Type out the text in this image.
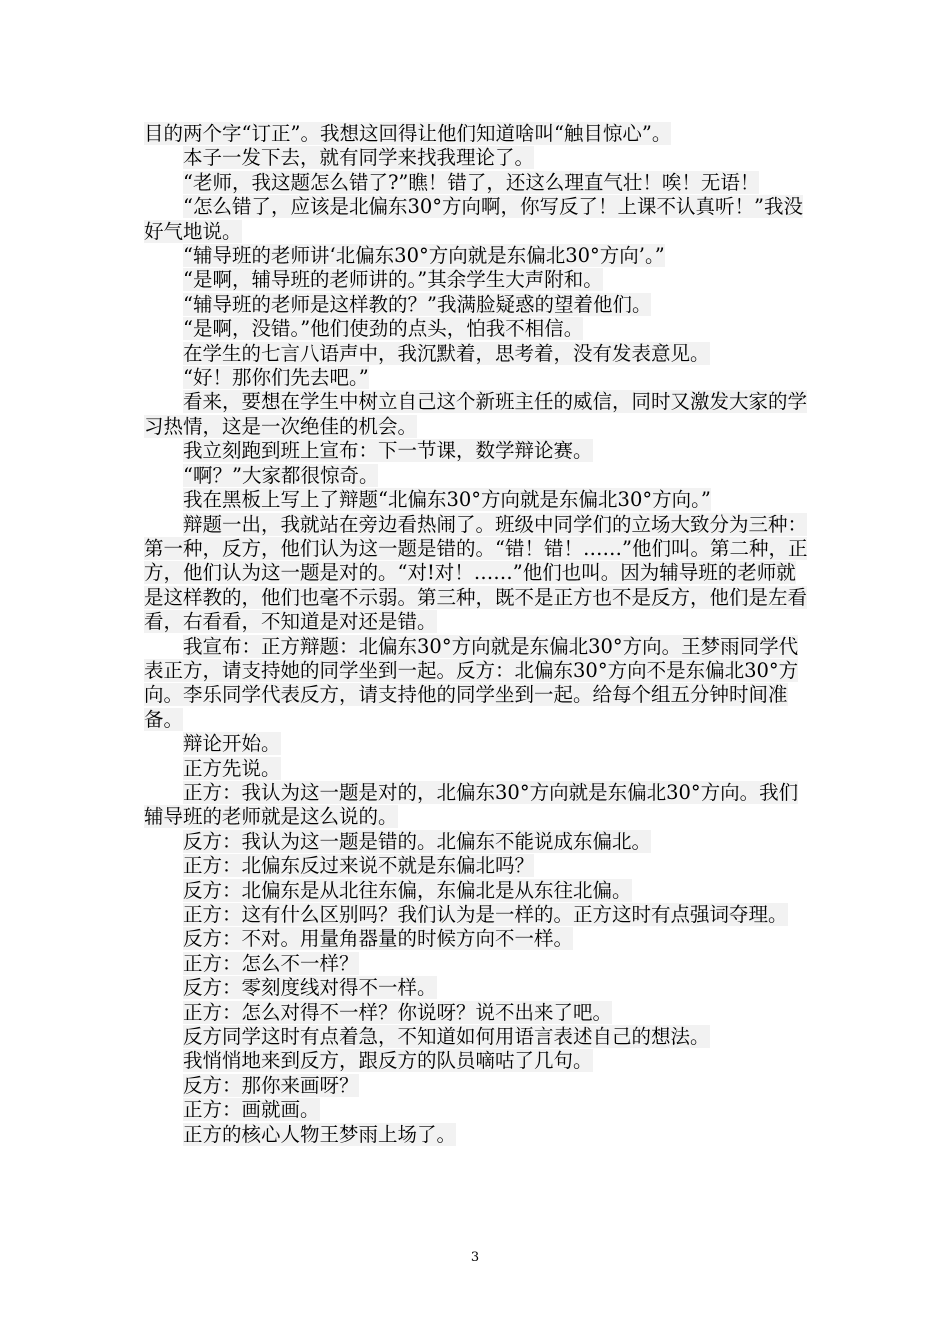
目的两个字“订正”。我想这回得让他们知道啥叫“触目惊心”。

本子一发下去，就有同学来找我理论了。

“老师，我这题怎么错了?”瞧！错了，还这么理直气壮！唉！无语！

“怎么错了，应该是北偏东30°方向啊，你写反了！上课不认真听！”我没好气地说。

“辅导班的老师讲‘北偏东30°方向就是东偏北30°方向’。”

“是啊，辅导班的老师讲的。”其余学生大声附和。

“辅导班的老师是这样教的？”我满脸疑惑的望着他们。

“是啊，没错。”他们使劲的点头，怕我不相信。

在学生的七言八语声中，我沉默着，思考着，没有发表意见。

“好！那你们先去吧。”

看来，要想在学生中树立自己这个新班主任的威信，同时又激发大家的学习热情，这是一次绝佳的机会。

我立刻跑到班上宣布：下一节课，数学辩论赛。

“啊？”大家都很惊奇。

我在黑板上写上了辩题“北偏东30°方向就是东偏北30°方向。”

辩题一出，我就站在旁边看热闹了。班级中同学们的立场大致分为三种：第一种，反方，他们认为这一题是错的。“错！错！……”他们叫。第二种，正方，他们认为这一题是对的。“对!对！……”他们也叫。因为辅导班的老师就是这样教的，他们也毫不示弱。第三种，既不是正方也不是反方，他们是左看看，右看看，不知道是对还是错。

我宣布：正方辩题：北偏东30°方向就是东偏北30°方向。王梦雨同学代表正方，请支持她的同学坐到一起。反方：北偏东30°方向不是东偏北30°方向。李乐同学代表反方，请支持他的同学坐到一起。给每个组五分钟时间准备。

辩论开始。

正方先说。

正方：我认为这一题是对的，北偏东30°方向就是东偏北30°方向。我们辅导班的老师就是这么说的。

反方：我认为这一题是错的。北偏东不能说成东偏北。

正方：北偏东反过来说不就是东偏北吗？

反方：北偏东是从北往东偏，东偏北是从东往北偏。

正方：这有什么区别吗？我们认为是一样的。正方这时有点强词夺理。

反方：不对。用量角器量的时候方向不一样。

正方：怎么不一样？

反方：零刻度线对得不一样。

正方：怎么对得不一样？你说呀？说不出来了吧。

反方同学这时有点着急，不知道如何用语言表述自己的想法。

我悄悄地来到反方，跟反方的队员嘀咕了几句。

反方：那你来画呀？

正方：画就画。

正方的核心人物王梦雨上场了。

3
